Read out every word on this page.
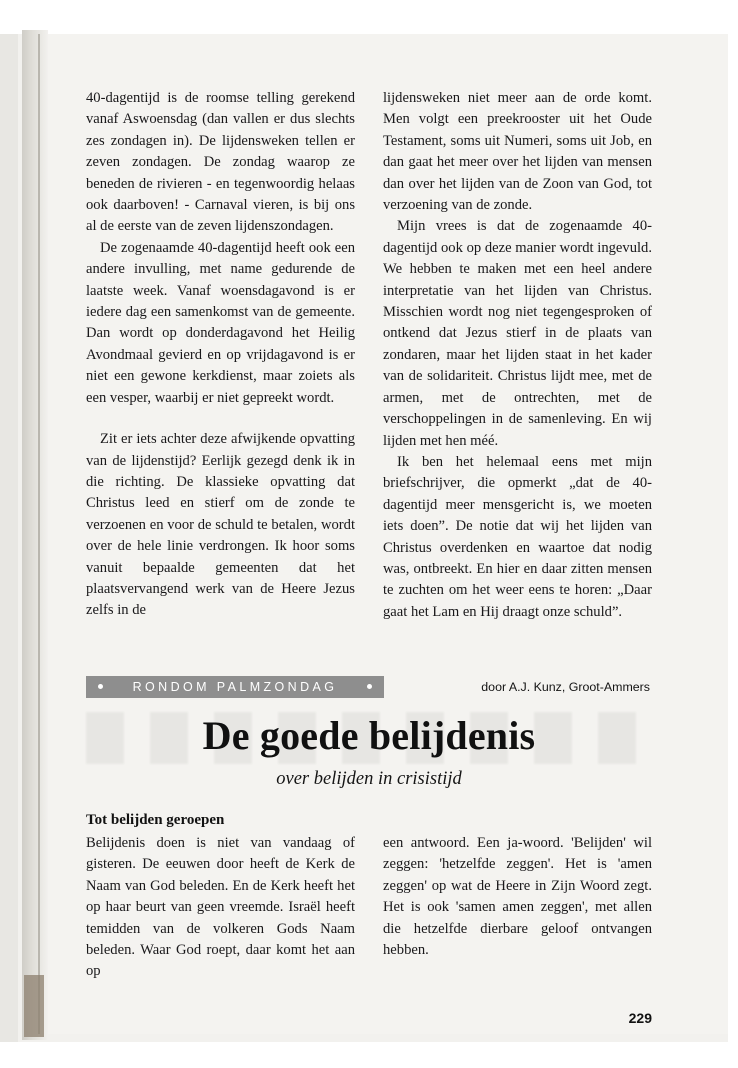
40-dagentijd is de roomse telling gerekend vanaf Aswoensdag (dan vallen er dus slechts zes zondagen in). De lijdensweken tellen er zeven zondagen. De zondag waarop ze beneden de rivieren - en tegenwoordig helaas ook daarboven! - Carnaval vieren, is bij ons al de eerste van de zeven lijdenszondagen.

De zogenaamde 40-dagentijd heeft ook een andere invulling, met name gedurende de laatste week. Vanaf woensdagavond is er iedere dag een samenkomst van de gemeente. Dan wordt op donderdagavond het Heilig Avondmaal gevierd en op vrijdagavond is er niet een gewone kerkdienst, maar zoiets als een vesper, waarbij er niet gepreekt wordt.

Zit er iets achter deze afwijkende opvatting van de lijdenstijd? Eerlijk gezegd denk ik in die richting. De klassieke opvatting dat Christus leed en stierf om de zonde te verzoenen en voor de schuld te betalen, wordt over de hele linie verdrongen. Ik hoor soms vanuit bepaalde gemeenten dat het plaatsvervangend werk van de Heere Jezus zelfs in de

lijdensweken niet meer aan de orde komt. Men volgt een preekrooster uit het Oude Testament, soms uit Numeri, soms uit Job, en dan gaat het meer over het lijden van mensen dan over het lijden van de Zoon van God, tot verzoening van de zonde.

Mijn vrees is dat de zogenaamde 40-dagentijd ook op deze manier wordt ingevuld. We hebben te maken met een heel andere interpretatie van het lijden van Christus. Misschien wordt nog niet tegengesproken of ontkend dat Jezus stierf in de plaats van zondaren, maar het lijden staat in het kader van de solidariteit. Christus lijdt mee, met de armen, met de ontrechten, met de verschoppelingen in de samenleving. En wij lijden met hen méé.

Ik ben het helemaal eens met mijn briefschrijver, die opmerkt „dat de 40-dagentijd meer mensgericht is, we moeten iets doen”. De notie dat wij het lijden van Christus overdenken en waartoe dat nodig was, ontbreekt. En hier en daar zitten mensen te zuchten om het weer eens te horen: „Daar gaat het Lam en Hij draagt onze schuld”.

RONDOM PALMZONDAG	door A.J. Kunz, Groot-Ammers
De goede belijdenis
over belijden in crisistijd
Tot belijden geroepen

Belijdenis doen is niet van vandaag of gisteren. De eeuwen door heeft de Kerk de Naam van God beleden. En de Kerk heeft het op haar beurt van geen vreemde. Israël heeft temidden van de volkeren Gods Naam beleden. Waar God roept, daar komt het aan op

een antwoord. Een ja-woord. 'Belijden' wil zeggen: 'hetzelfde zeggen'. Het is 'amen zeggen' op wat de Heere in Zijn Woord zegt. Het is ook 'samen amen zeggen', met allen die hetzelfde dierbare geloof ontvangen hebben.

229
